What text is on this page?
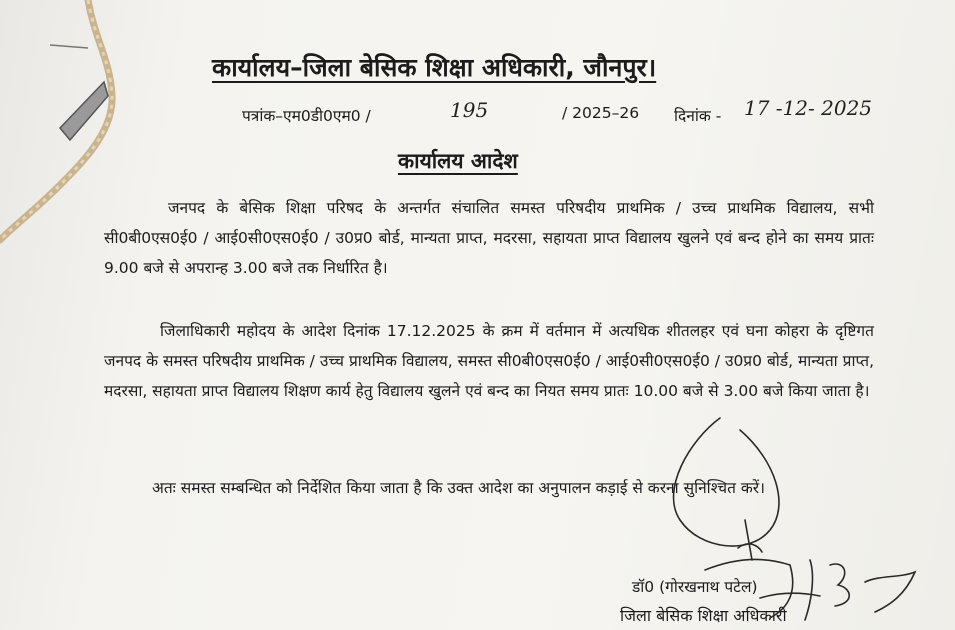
कार्यालय–जिला बेसिक शिक्षा अधिकारी, जौनपुर।
पत्रांक–एम0डी0एम0 /	195	/ 2025–26 दिनांक - 17 -12- 2025
कार्यालय आदेश
जनपद के बेसिक शिक्षा परिषद के अन्तर्गत संचालित समस्त परिषदीय प्राथमिक / उच्च प्राथमिक विद्यालय, सभी सी0बी0एस0ई0 / आई0सी0एस0ई0 / उ0प्र0 बोर्ड, मान्यता प्राप्त, मदरसा, सहायता प्राप्त विद्यालय खुलने एवं बन्द होने का समय प्रातः 9.00 बजे से अपरान्ह 3.00 बजे तक निर्धारित है।
जिलाधिकारी महोदय के आदेश दिनांक 17.12.2025 के क्रम में वर्तमान में अत्यधिक शीतलहर एवं घना कोहरा के दृष्टिगत जनपद के समस्त परिषदीय प्राथमिक / उच्च प्राथमिक विद्यालय, समस्त सी0बी0एस0ई0 / आई0सी0एस0ई0 / उ0प्र0 बोर्ड, मान्यता प्राप्त, मदरसा, सहायता प्राप्त विद्यालय शिक्षण कार्य हेतु विद्यालय खुलने एवं बन्द का नियत समय प्रातः 10.00 बजे से 3.00 बजे किया जाता है।
अतः समस्त सम्बन्धित को निर्देशित किया जाता है कि उक्त आदेश का अनुपालन कड़ाई से करना सुनिश्चित करें।
डॉ0 (गोरखनाथ पटेल)
जिला बेसिक शिक्षा अधिकारी
